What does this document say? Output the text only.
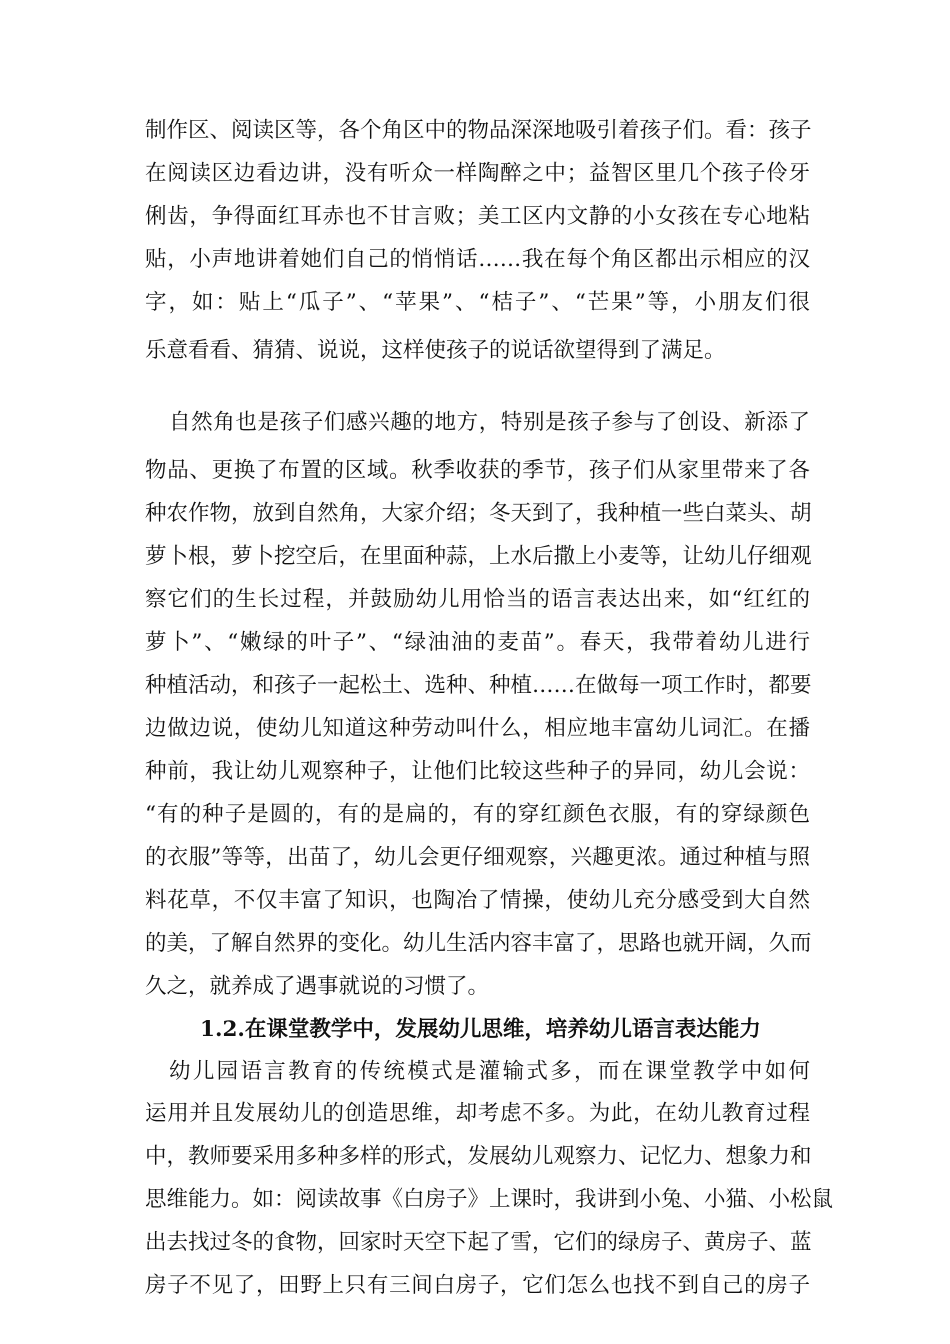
制作区、阅读区等，各个角区中的物品深深地吸引着孩子们。看：孩子
在阅读区边看边讲，没有听众一样陶醉之中；益智区里几个孩子伶牙
俐齿，争得面红耳赤也不甘言败；美工区内文静的小女孩在专心地粘
贴，小声地讲着她们自己的悄悄话……我在每个角区都出示相应的汉
字，如：贴上“瓜子”、“苹果”、“桔子”、“芒果”等，小朋友们很
乐意看看、猜猜、说说，这样使孩子的说话欲望得到了满足。
自然角也是孩子们感兴趣的地方，特别是孩子参与了创设、新添了
物品、更换了布置的区域。秋季收获的季节，孩子们从家里带来了各
种农作物，放到自然角，大家介绍；冬天到了，我种植一些白菜头、胡
萝卜根，萝卜挖空后，在里面种蒜，上水后撒上小麦等，让幼儿仔细观
察它们的生长过程，并鼓励幼儿用恰当的语言表达出来，如“红红的
萝卜”、“嫩绿的叶子”、“绿油油的麦苗”。春天，我带着幼儿进行
种植活动，和孩子一起松土、选种、种植……在做每一项工作时，都要
边做边说，使幼儿知道这种劳动叫什么，相应地丰富幼儿词汇。在播
种前，我让幼儿观察种子，让他们比较这些种子的异同，幼儿会说：
“有的种子是圆的，有的是扁的，有的穿红颜色衣服，有的穿绿颜色
的衣服”等等，出苗了，幼儿会更仔细观察，兴趣更浓。通过种植与照
料花草，不仅丰富了知识，也陶冶了情操，使幼儿充分感受到大自然
的美，了解自然界的变化。幼儿生活内容丰富了，思路也就开阔，久而
久之，就养成了遇事就说的习惯了。
1.2.在课堂教学中，发展幼儿思维，培养幼儿语言表达能力
幼儿园语言教育的传统模式是灌输式多，而在课堂教学中如何
运用并且发展幼儿的创造思维，却考虑不多。为此，在幼儿教育过程
中，教师要采用多种多样的形式，发展幼儿观察力、记忆力、想象力和
思维能力。如：阅读故事《白房子》上课时，我讲到小兔、小猫、小松鼠
出去找过冬的食物，回家时天空下起了雪，它们的绿房子、黄房子、蓝
房子不见了，田野上只有三间白房子，它们怎么也找不到自己的房子
